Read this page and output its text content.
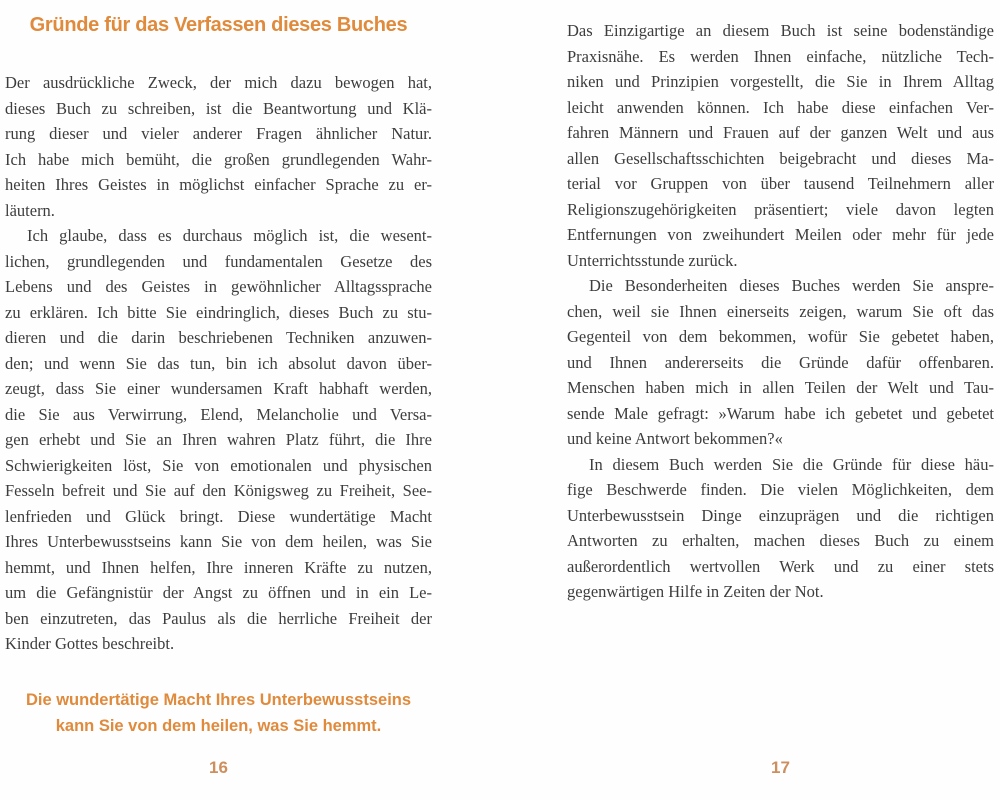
Gründe für das Verfassen dieses Buches
Der ausdrückliche Zweck, der mich dazu bewogen hat,
dieses Buch zu schreiben, ist die Beantwortung und Klä-
rung dieser und vieler anderer Fragen ähnlicher Natur.
Ich habe mich bemüht, die großen grundlegenden Wahr-
heiten Ihres Geistes in möglichst einfacher Sprache zu er-
läutern.
Ich glaube, dass es durchaus möglich ist, die wesent-
lichen, grundlegenden und fundamentalen Gesetze des
Lebens und des Geistes in gewöhnlicher Alltagssprache
zu erklären. Ich bitte Sie eindringlich, dieses Buch zu stu-
dieren und die darin beschriebenen Techniken anzuwen-
den; und wenn Sie das tun, bin ich absolut davon über-
zeugt, dass Sie einer wundersamen Kraft habhaft werden,
die Sie aus Verwirrung, Elend, Melancholie und Versa-
gen erhebt und Sie an Ihren wahren Platz führt, die Ihre
Schwierigkeiten löst, Sie von emotionalen und physischen
Fesseln befreit und Sie auf den Königsweg zu Freiheit, See-
lenfrieden und Glück bringt. Diese wundertätige Macht
Ihres Unterbewusstseins kann Sie von dem heilen, was Sie
hemmt, und Ihnen helfen, Ihre inneren Kräfte zu nutzen,
um die Gefängnistür der Angst zu öffnen und in ein Le-
ben einzutreten, das Paulus als die herrliche Freiheit der
Kinder Gottes beschreibt.
Die wundertätige Macht Ihres Unterbewusstseins
kann Sie von dem heilen, was Sie hemmt.
16
Das Einzigartige an diesem Buch ist seine bodenständige
Praxisnähe. Es werden Ihnen einfache, nützliche Tech-
niken und Prinzipien vorgestellt, die Sie in Ihrem Alltag
leicht anwenden können. Ich habe diese einfachen Ver-
fahren Männern und Frauen auf der ganzen Welt und aus
allen Gesellschaftsschichten beigebracht und dieses Ma-
terial vor Gruppen von über tausend Teilnehmern aller
Religionszugehörigkeiten präsentiert; viele davon legten
Entfernungen von zweihundert Meilen oder mehr für jede
Unterrichtsstunde zurück.
Die Besonderheiten dieses Buches werden Sie anspre-
chen, weil sie Ihnen einerseits zeigen, warum Sie oft das
Gegenteil von dem bekommen, wofür Sie gebetet haben,
und Ihnen andererseits die Gründe dafür offenbaren.
Menschen haben mich in allen Teilen der Welt und Tau-
sende Male gefragt: »Warum habe ich gebetet und gebetet
und keine Antwort bekommen?«
In diesem Buch werden Sie die Gründe für diese häu-
fige Beschwerde finden. Die vielen Möglichkeiten, dem
Unterbewusstsein Dinge einzuprägen und die richtigen
Antworten zu erhalten, machen dieses Buch zu einem
außerordentlich wertvollen Werk und zu einer stets
gegenwärtigen Hilfe in Zeiten der Not.
17
